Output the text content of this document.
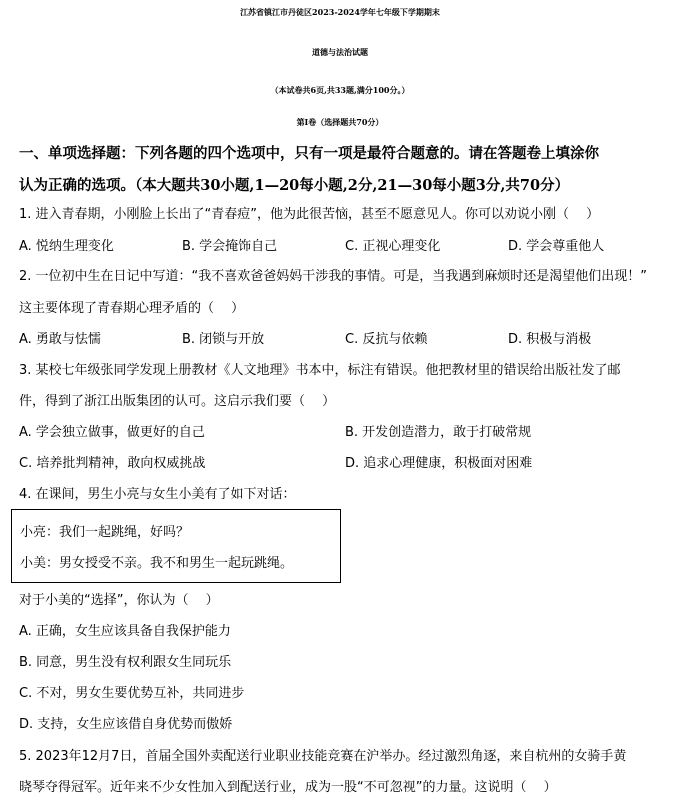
江苏省镇江市丹徒区2023-2024学年七年级下学期期末
道德与法治试题
（本试卷共6页,共33题,满分100分。）
第Ⅰ卷（选择题共70分）
一、单项选择题：下列各题的四个选项中，只有一项是最符合题意的。请在答题卷上填涂你
认为正确的选项。（本大题共30小题,1—20每小题,2分,21—30每小题3分,共70分）
1. 进入青春期，小刚脸上长出了“青春痘”，他为此很苦恼，甚至不愿意见人。你可以劝说小刚（　 ）
A. 悦纳生理变化	B. 学会掩饰自己	C. 正视心理变化	D. 学会尊重他人
2. 一位初中生在日记中写道：“我不喜欢爸爸妈妈干涉我的事情。可是，当我遇到麻烦时还是渴望他们出现！”
这主要体现了青春期心理矛盾的（　 ）
A. 勇敢与怯懦	B. 闭锁与开放	C. 反抗与依赖	D. 积极与消极
3. 某校七年级张同学发现上册教材《人文地理》书本中，标注有错误。他把教材里的错误给出版社发了邮
件，得到了浙江出版集团的认可。这启示我们要（　 ）
A. 学会独立做事，做更好的自己	B. 开发创造潜力，敢于打破常规
C. 培养批判精神，敢向权威挑战	D. 追求心理健康，积极面对困难
4. 在课间，男生小亮与女生小美有了如下对话：
小亮：我们一起跳绳，好吗？
小美：男女授受不亲。我不和男生一起玩跳绳。
对于小美的“选择”，你认为（　 ）
A. 正确，女生应该具备自我保护能力
B. 同意，男生没有权利跟女生同玩乐
C. 不对，男女生要优势互补，共同进步
D. 支持，女生应该借自身优势而傲娇
5. 2023年12月7日，首届全国外卖配送行业职业技能竞赛在沪举办。经过激烈角逐，来自杭州的女骑手黄
晓琴夺得冠军。近年来不少女性加入到配送行业，成为一股“不可忽视”的力量。这说明（　 ）
